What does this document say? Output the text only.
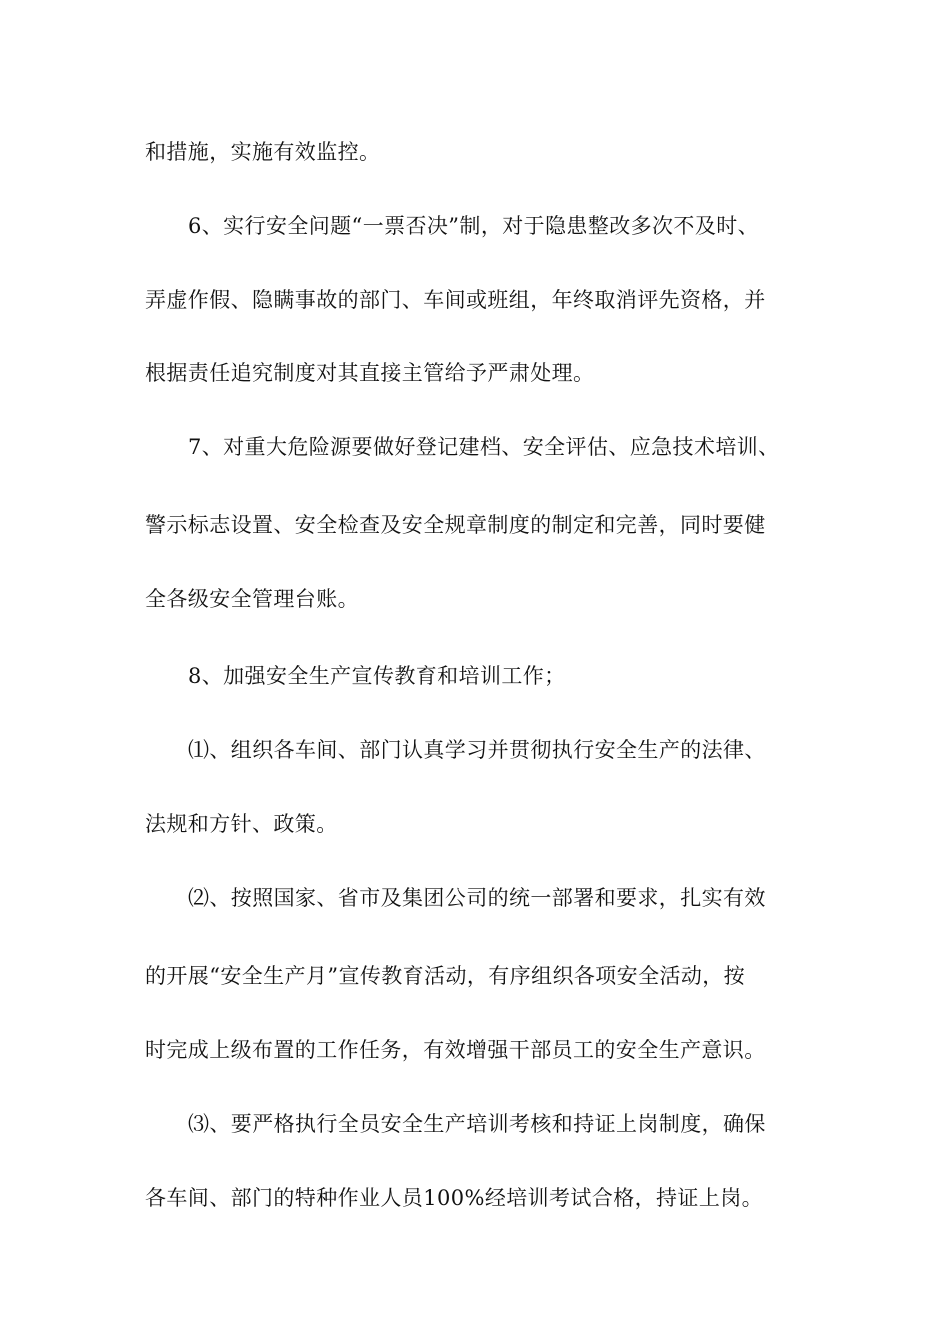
和措施，实施有效监控。
6、实行安全问题“一票否决”制，对于隐患整改多次不及时、
弄虚作假、隐瞒事故的部门、车间或班组，年终取消评先资格，并
根据责任追究制度对其直接主管给予严肃处理。
7、对重大危险源要做好登记建档、安全评估、应急技术培训、
警示标志设置、安全检查及安全规章制度的制定和完善，同时要健
全各级安全管理台账。
8、加强安全生产宣传教育和培训工作；
⑴、组织各车间、部门认真学习并贯彻执行安全生产的法律、
法规和方针、政策。
⑵、按照国家、省市及集团公司的统一部署和要求，扎实有效
的开展“安全生产月”宣传教育活动，有序组织各项安全活动，按
时完成上级布置的工作任务，有效增强干部员工的安全生产意识。
⑶、要严格执行全员安全生产培训考核和持证上岗制度，确保
各车间、部门的特种作业人员100%经培训考试合格，持证上岗。
